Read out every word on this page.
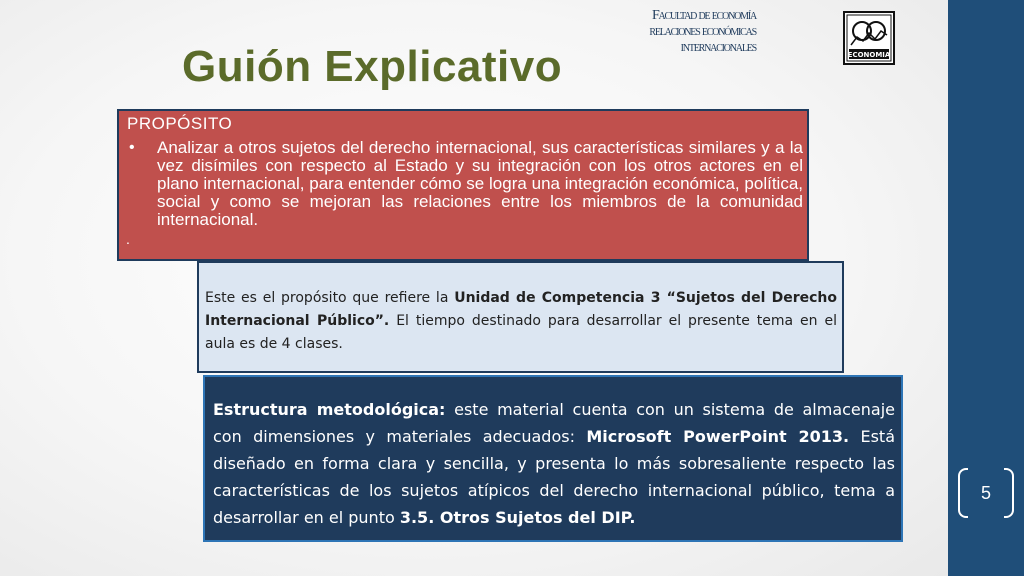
Facultad de economía
relaciones económicas
internacionales	ECONOMIA
Guión Explicativo
PROPÓSITO
• Analizar a otros sujetos del derecho internacional, sus características similares y a la vez disímiles con respecto al Estado y su integración con los otros actores en el plano internacional, para entender cómo se logra una integración económica, política, social y como se mejoran las relaciones entre los miembros de la comunidad internacional.
.

Este es el propósito que refiere la Unidad de Competencia 3 “Sujetos del Derecho Internacional Público”. El tiempo destinado para desarrollar el presente tema en el aula es de 4 clases.

Estructura metodológica: este material cuenta con un sistema de almacenaje con dimensiones y materiales adecuados: Microsoft PowerPoint 2013. Está diseñado en forma clara y sencilla, y presenta lo más sobresaliente respecto las características de los sujetos atípicos del derecho internacional público, tema a desarrollar en el punto 3.5. Otros Sujetos del DIP.

5
